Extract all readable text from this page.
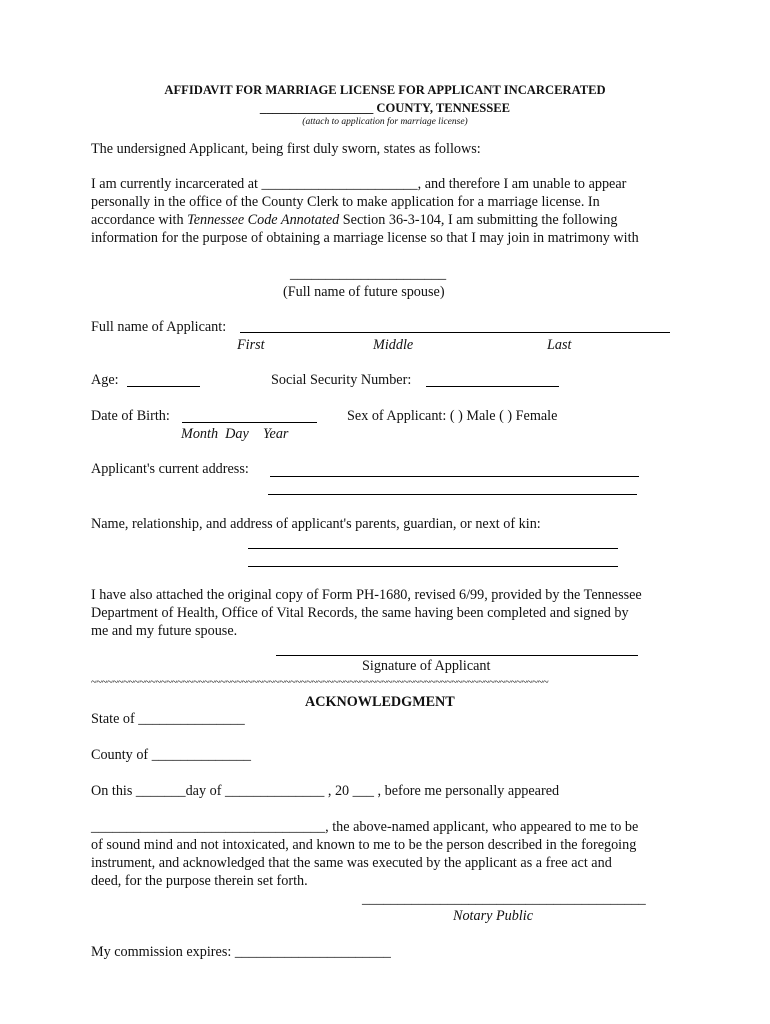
AFFIDAVIT FOR MARRIAGE LICENSE FOR APPLICANT INCARCERATED
__________________ COUNTY, TENNESSEE
(attach to application for marriage license)
The undersigned Applicant, being first duly sworn, states as follows:
I am currently incarcerated at ______________________, and therefore I am unable to appear
personally in the office of the County Clerk to make application for a marriage license. In
accordance with Tennessee Code Annotated Section 36-3-104, I am submitting the following
information for the purpose of obtaining a marriage license so that I may join in matrimony with
______________________
(Full name of future spouse)
Full name of Applicant:
First	Middle	Last
Age:	Social Security Number:
Date of Birth:
Month  Day    Year
Sex of Applicant: ( ) Male ( ) Female
Applicant's current address:
Name, relationship, and address of applicant's parents, guardian, or next of kin:
I have also attached the original copy of Form PH-1680, revised 6/99, provided by the Tennessee
Department of Health, Office of Vital Records, the same having been completed and signed by
me and my future spouse.
Signature of Applicant
~~~~~~~~~~~~~~~~~~~~~~~~~~~~~~~~~~~~~~~~~~~~~~~~~~~~~~~~~~~~~~~~~~~~~~~~~~~~~~~~~~~~~
ACKNOWLEDGMENT
State of _______________
County of ______________
On this _______day of ______________ , 20 ___ , before me personally appeared
_________________________________, the above-named applicant, who appeared to me to be
of sound mind and not intoxicated, and known to me to be the person described in the foregoing
instrument, and acknowledged that the same was executed by the applicant as a free act and
deed, for the purpose therein set forth.
________________________________________
Notary Public
My commission expires: ______________________
